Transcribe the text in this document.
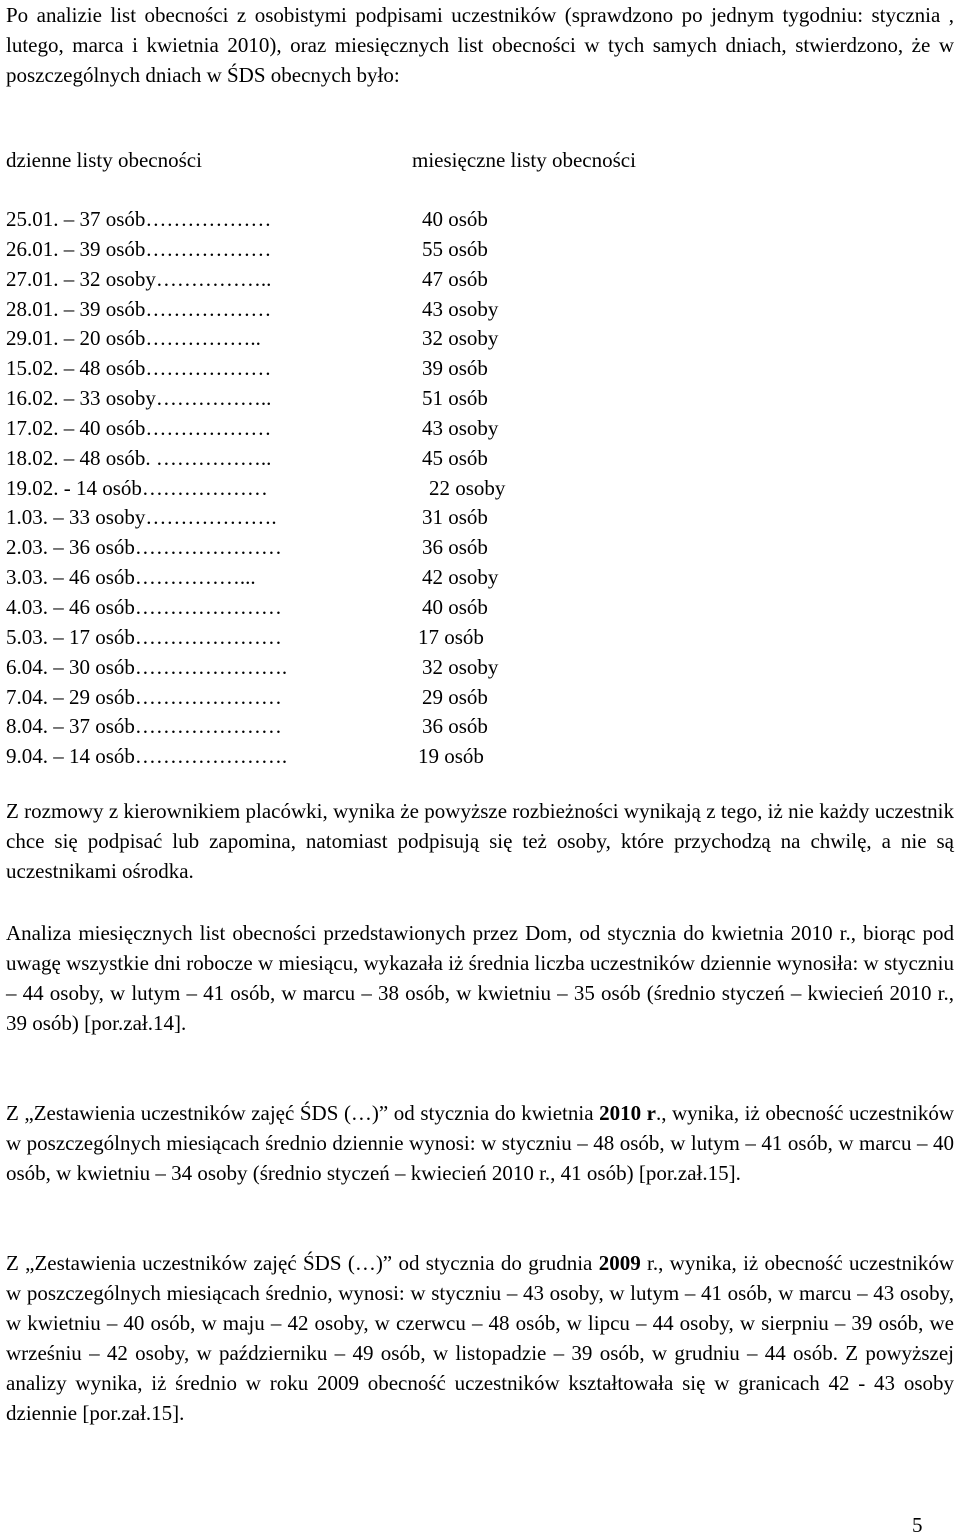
Po analizie list obecności z osobistymi podpisami uczestników (sprawdzono po jednym tygodniu: stycznia , lutego, marca i kwietnia 2010), oraz miesięcznych list obecności w tych samych dniach, stwierdzono, że w poszczególnych dniach w ŚDS obecnych było:

dzienne listy obecności	miesięczne listy obecności
25.01. – 37 osób………………	40 osób
26.01. – 39 osób………………	55 osób
27.01. – 32 osoby……………..	47 osób
28.01. – 39 osób………………	43 osoby
29.01. – 20 osób……………..	32 osoby
15.02. – 48 osób………………	39 osób
16.02. – 33 osoby……………..	51 osób
17.02. – 40 osób………………	43 osoby
18.02. – 48 osób. ……………..	45 osób
19.02. - 14 osób………………	22 osoby
1.03. – 33 osoby……………….	31 osób
2.03. – 36 osób…………………	36 osób
3.03. – 46 osób……………...	42 osoby
4.03. – 46 osób…………………	40 osób
5.03. – 17 osób…………………	17 osób
6.04. – 30 osób………………….	32 osoby
7.04. – 29 osób…………………	29 osób
8.04. – 37 osób…………………	36 osób
9.04. – 14 osób………………….	19 osób

Z rozmowy z kierownikiem placówki, wynika że powyższe rozbieżności wynikają z tego, iż nie każdy uczestnik chce się podpisać lub zapomina, natomiast podpisują się też osoby, które przychodzą na chwilę, a nie są uczestnikami ośrodka.

Analiza miesięcznych list obecności przedstawionych przez Dom, od stycznia do kwietnia 2010 r., biorąc pod uwagę wszystkie dni robocze w miesiącu, wykazała iż średnia liczba uczestników dziennie wynosiła: w styczniu – 44 osoby, w lutym – 41 osób, w marcu – 38 osób, w kwietniu – 35 osób (średnio styczeń – kwiecień 2010 r., 39 osób) [por.zał.14].

Z „Zestawienia uczestników zajęć ŚDS (…)” od stycznia do kwietnia 2010 r., wynika, iż obecność uczestników w poszczególnych miesiącach średnio dziennie wynosi: w styczniu – 48 osób, w lutym – 41 osób, w marcu – 40 osób, w kwietniu – 34 osoby (średnio styczeń – kwiecień 2010 r., 41 osób) [por.zał.15].

Z „Zestawienia uczestników zajęć ŚDS (…)” od stycznia do grudnia 2009 r., wynika, iż obecność uczestników w poszczególnych miesiącach średnio, wynosi: w styczniu – 43 osoby, w lutym – 41 osób, w marcu – 43 osoby, w kwietniu – 40 osób, w maju – 42 osoby, w czerwcu – 48 osób, w lipcu – 44 osoby, w sierpniu – 39 osób, we wrześniu – 42 osoby, w październiku – 49 osób, w listopadzie – 39 osób, w grudniu – 44 osób. Z powyższej analizy wynika, iż średnio w roku 2009 obecność uczestników kształtowała się w granicach 42 - 43 osoby dziennie [por.zał.15].

5
